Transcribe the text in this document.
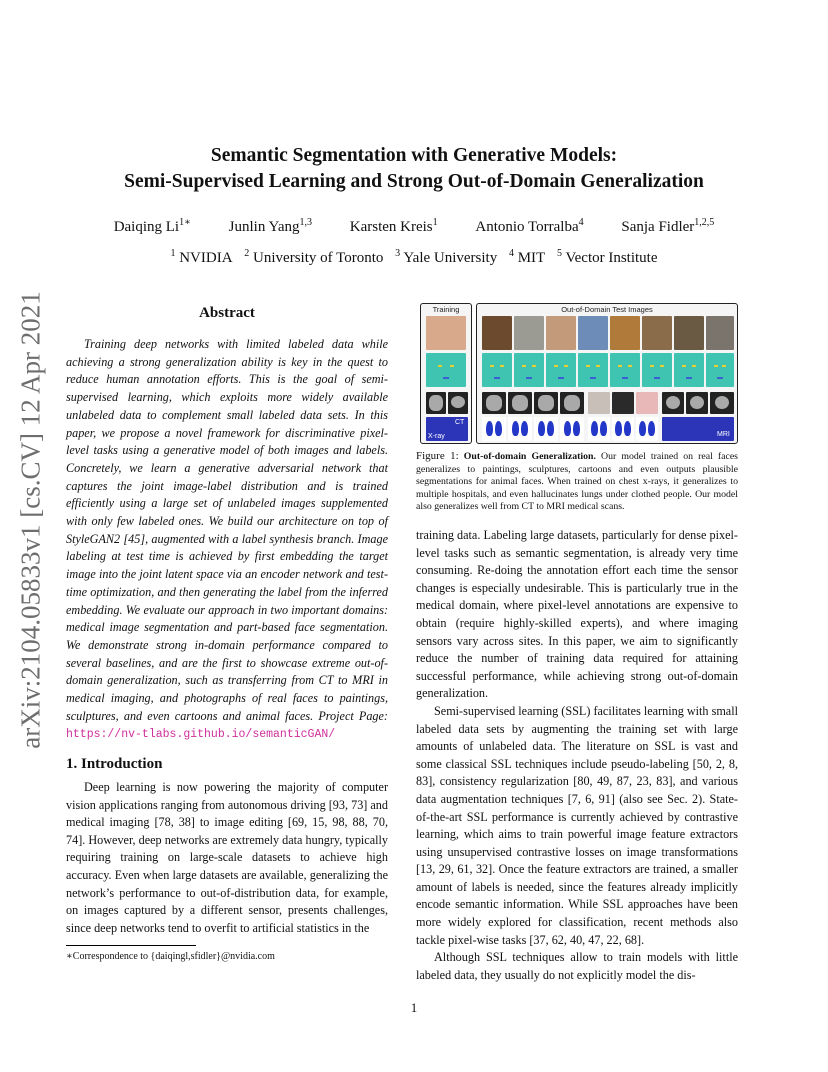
arXiv:2104.05833v1 [cs.CV] 12 Apr 2021
Semantic Segmentation with Generative Models:
Semi-Supervised Learning and Strong Out-of-Domain Generalization
Daiqing $Li^{1∗}$	Junlin Yang$^{1,3}$	Karsten Kreis$^1$	Antonio Torralba$^4$	Sanja Fidler$^{1,2,5}$
$^1$ NVIDIA $^2$ University of Toronto $^3$ Yale University $^4$ MIT $^5$ Vector Institute
Abstract
Training deep networks with limited labeled data while achieving a strong generalization ability is key in the quest to reduce human annotation efforts. This is the goal of semi-supervised learning, which exploits more widely available unlabeled data to complement small labeled data sets. In this paper, we propose a novel framework for discriminative pixel-level tasks using a generative model of both images and labels. Concretely, we learn a generative adversarial network that captures the joint image-label distribution and is trained efficiently using a large set of unlabeled images supplemented with only few labeled ones. We build our architecture on top of StyleGAN2 [45], augmented with a label synthesis branch. Image labeling at test time is achieved by first embedding the target image into the joint latent space via an encoder network and test-time optimization, and then generating the label from the inferred embedding. We evaluate our approach in two important domains: medical image segmentation and part-based face segmentation. We demonstrate strong in-domain performance compared to several baselines, and are the first to showcase extreme out-of-domain generalization, such as transferring from CT to MRI in medical imaging, and photographs of real faces to paintings, sculptures, and even cartoons and animal faces. Project Page: https://nv-tlabs.github.io/semanticGAN/
1. Introduction
Deep learning is now powering the majority of computer vision applications ranging from autonomous driving [93, 73] and medical imaging [78, 38] to image editing [69, 15, 98, 88, 70, 74]. However, deep networks are extremely data hungry, typically requiring training on large-scale datasets to achieve high accuracy. Even when large datasets are available, generalizing the network’s performance to out-of-distribution data, for example, on images captured by a different sensor, presents challenges, since deep networks tend to overfit to artificial statistics in the
∗Correspondence to {daiqingl,sfidler}@nvidia.com
Training
X-ray
CT
Out-of-Domain Test Images
MRI
Figure 1: Out-of-domain Generalization. Our model trained on real faces generalizes to paintings, sculptures, cartoons and even outputs plausible segmentations for animal faces. When trained on chest x-rays, it generalizes to multiple hospitals, and even hallucinates lungs under clothed people. Our model also generalizes well from CT to MRI medical scans.

training data. Labeling large datasets, particularly for dense pixel-level tasks such as semantic segmentation, is already very time consuming. Re-doing the annotation effort each time the sensor changes is especially undesirable. This is particularly true in the medical domain, where pixel-level annotations are expensive to obtain (require highly-skilled experts), and where imaging sensors vary across sites. In this paper, we aim to significantly reduce the number of training data required for attaining successful performance, while achieving strong out-of-domain generalization.

Semi-supervised learning (SSL) facilitates learning with small labeled data sets by augmenting the training set with large amounts of unlabeled data. The literature on SSL is vast and some classical SSL techniques include pseudo-labeling [50, 2, 8, 83], consistency regularization [80, 49, 87, 23, 83], and various data augmentation techniques [7, 6, 91] (also see Sec. 2). State-of-the-art SSL performance is currently achieved by contrastive learning, which aims to train powerful image feature extractors using unsupervised contrastive losses on image transformations [13, 29, 61, 32]. Once the feature extractors are trained, a smaller amount of labels is needed, since the features already implicitly encode semantic information. While SSL approaches have been more widely explored for classification, recent methods also tackle pixel-wise tasks [37, 62, 40, 47, 22, 68].

Although SSL techniques allow to train models with little labeled data, they usually do not explicitly model the dis-

1
